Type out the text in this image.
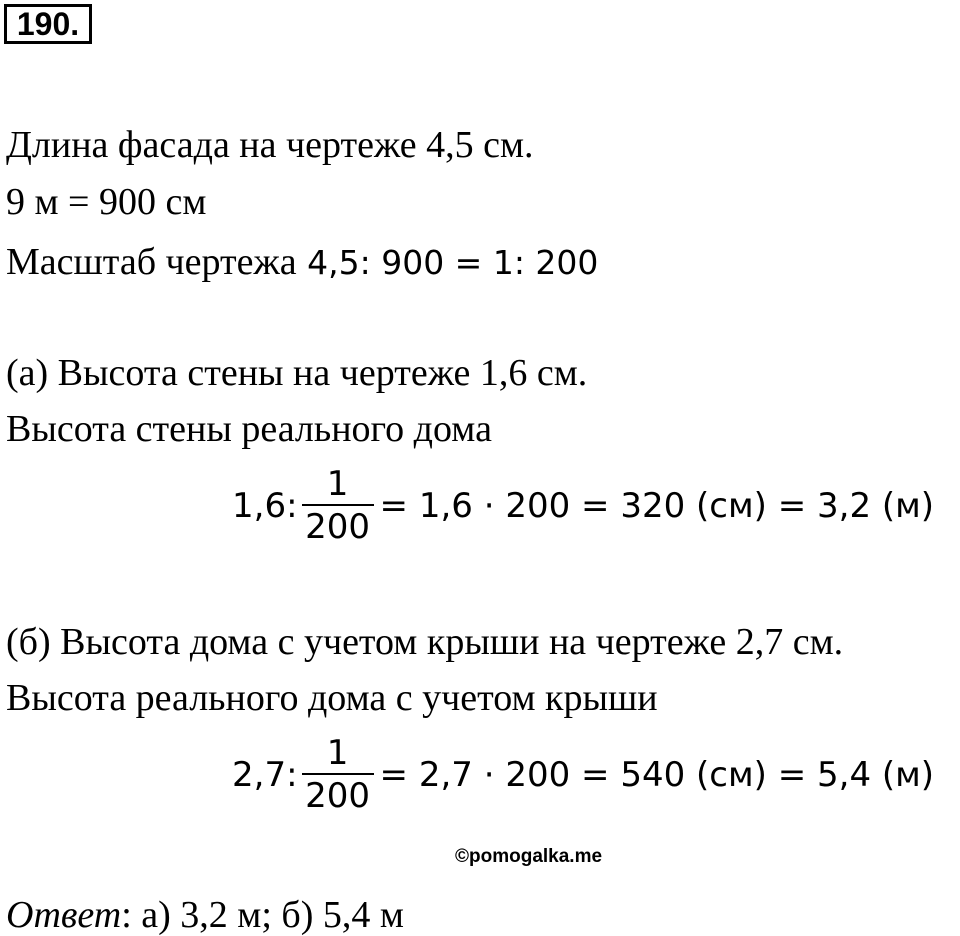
190.
Длина фасада на чертеже 4,5 см.
9 м = 900 см
Масштаб чертежа 4,5: 900 = 1: 200
(а) Высота стены на чертеже 1,6 см.
Высота стены реального дома
1,6: $\frac{1}{200} = 1,6 \cdot 200 = 320$ (см) = 3,2 (м)
(б) Высота дома с учетом крыши на чертеже 2,7 см.
Высота реального дома с учетом крыши
2,7: $\frac{1}{200} = 2,7 \cdot 200 = 540$ (см) = 5,4 (м)
©pomogalka.me
Ответ: а) 3,2 м; б) 5,4 м
